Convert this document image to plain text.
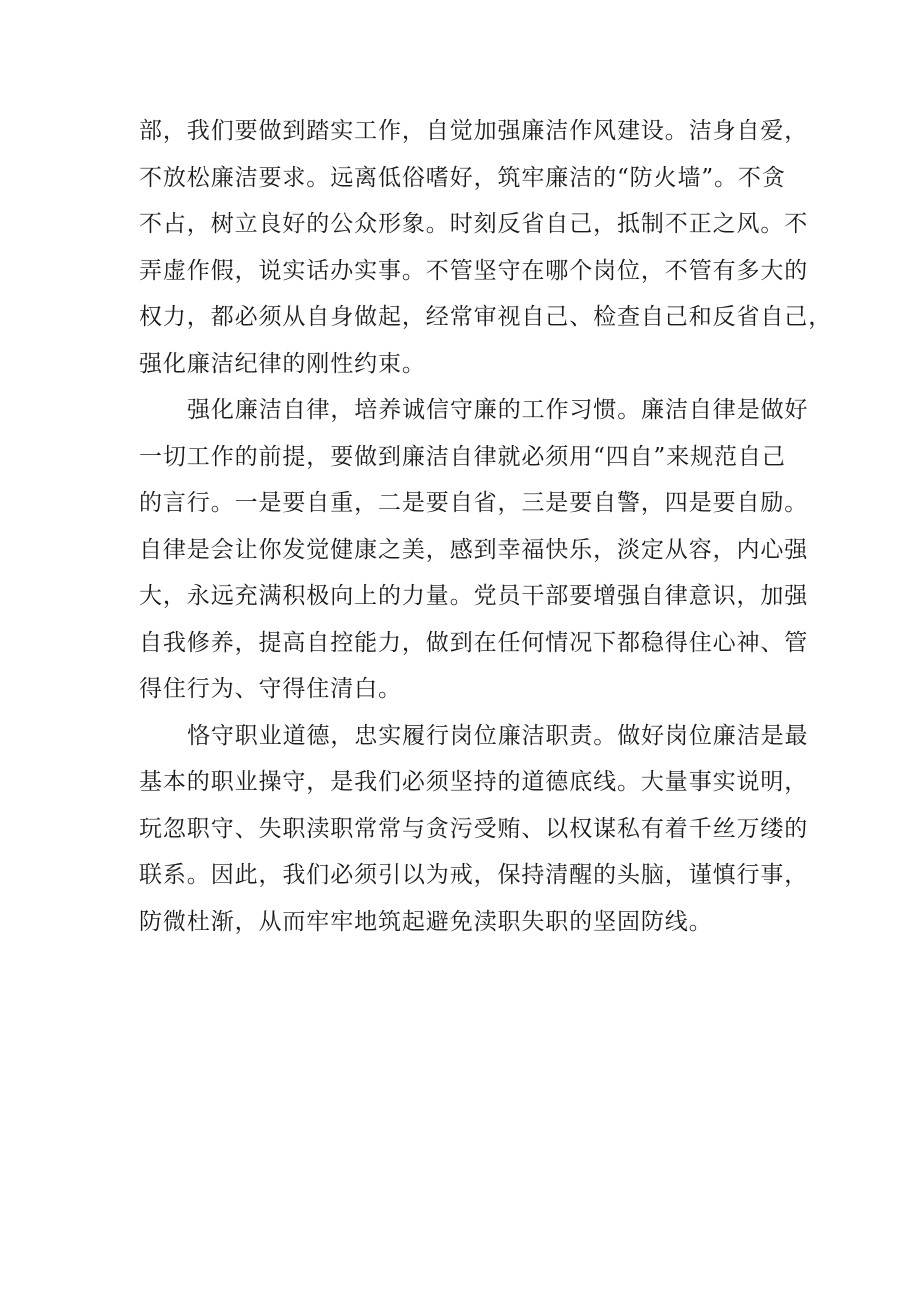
部，我们要做到踏实工作，自觉加强廉洁作风建设。洁身自爱，
不放松廉洁要求。远离低俗嗜好，筑牢廉洁的“防火墙”。不贪
不占，树立良好的公众形象。时刻反省自己，抵制不正之风。不
弄虚作假，说实话办实事。不管坚守在哪个岗位，不管有多大的
权力，都必须从自身做起，经常审视自己、检查自己和反省自己，
强化廉洁纪律的刚性约束。
强化廉洁自律，培养诚信守廉的工作习惯。廉洁自律是做好
一切工作的前提，要做到廉洁自律就必须用“四自”来规范自己
的言行。一是要自重，二是要自省，三是要自警，四是要自励。
自律是会让你发觉健康之美，感到幸福快乐，淡定从容，内心强
大，永远充满积极向上的力量。党员干部要增强自律意识，加强
自我修养，提高自控能力，做到在任何情况下都稳得住心神、管
得住行为、守得住清白。
恪守职业道德，忠实履行岗位廉洁职责。做好岗位廉洁是最
基本的职业操守，是我们必须坚持的道德底线。大量事实说明，
玩忽职守、失职渎职常常与贪污受贿、以权谋私有着千丝万缕的
联系。因此，我们必须引以为戒，保持清醒的头脑，谨慎行事，
防微杜渐，从而牢牢地筑起避免渎职失职的坚固防线。
